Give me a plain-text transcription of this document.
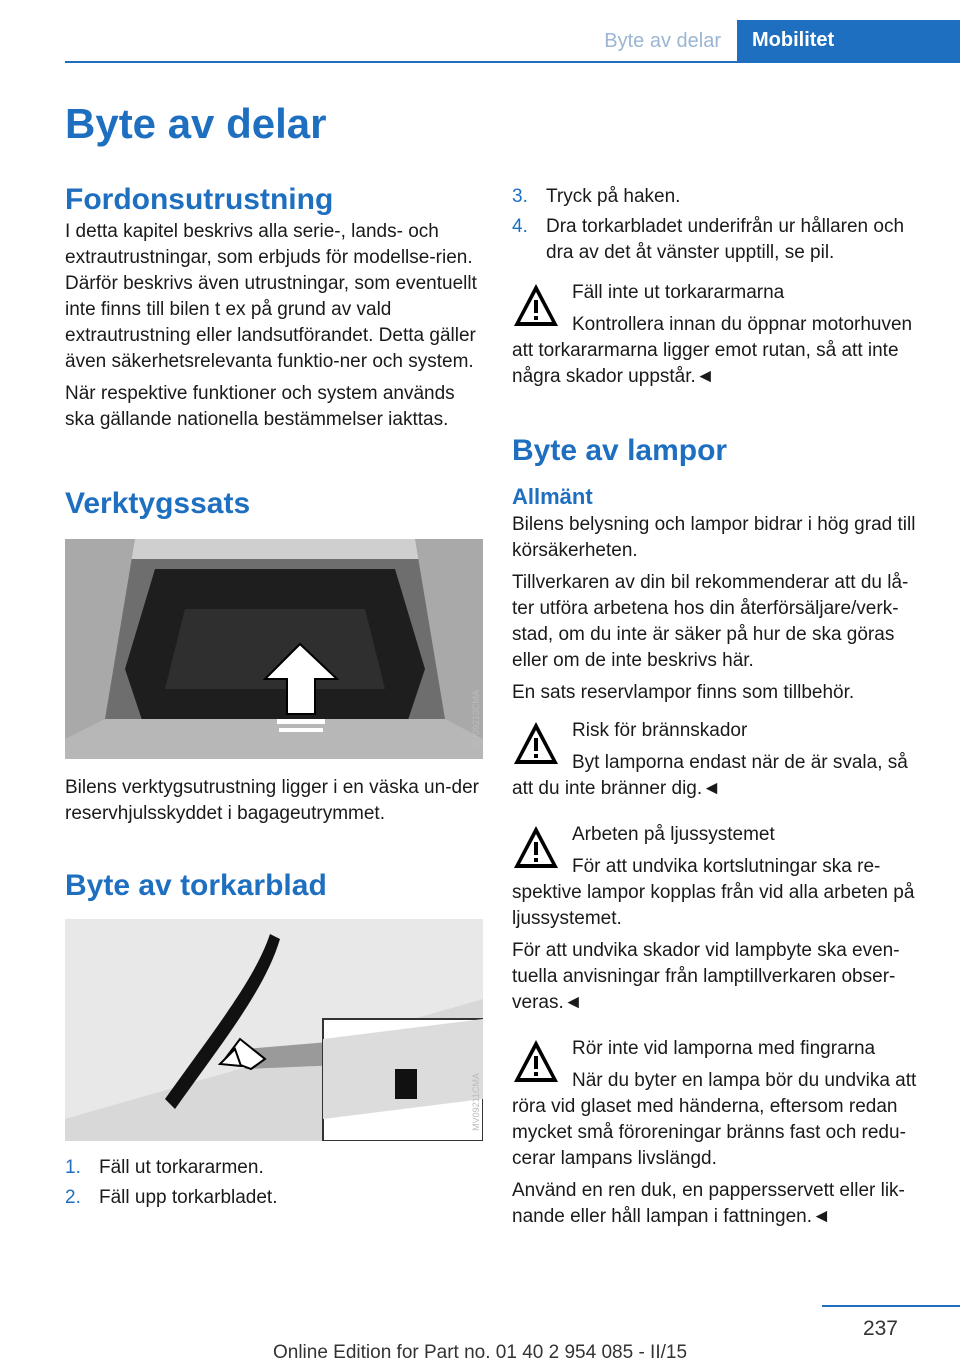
Byte av delar	Mobilitet
Byte av delar
Fordonsutrustning

I detta kapitel beskrivs alla serie-, lands- och extrautrustningar, som erbjuds för modellse-rien. Därför beskrivs även utrustningar, som eventuellt inte finns till bilen t ex på grund av vald extrautrustning eller landsutförandet. Detta gäller även säkerhetsrelevanta funktio-ner och system.

När respektive funktioner och system används ska gällande nationella bestämmelser iakttas.

Verktygssats
MV09210CMA

Bilens verktygsutrustning ligger i en väska un-der reservhjulsskyddet i bagageutrymmet.

Byte av torkarblad
MV09211CMA
1. Fäll ut torkararmen.
2. Fäll upp torkarbladet.
3. Tryck på haken.
4. Dra torkarbladet underifrån ur hållaren och dra av det åt vänster upptill, se pil.

Fäll inte ut torkararmarna

Kontrollera innan du öppnar motorhuven att torkararmarna ligger emot rutan, så att inte några skador uppstår.◄

Byte av lampor
Allmänt

Bilens belysning och lampor bidrar i hög grad till körsäkerheten.

Tillverkaren av din bil rekommenderar att du lå-ter utföra arbetena hos din återförsäljare/verk-stad, om du inte är säker på hur de ska göras eller om de inte beskrivs här.

En sats reservlampor finns som tillbehör.

Risk för brännskador

Byt lamporna endast när de är svala, så att du inte bränner dig.◄

Arbeten på ljussystemet

För att undvika kortslutningar ska re-spektive lampor kopplas från vid alla arbeten på ljussystemet.

För att undvika skador vid lampbyte ska even-tuella anvisningar från lamptillverkaren obser-veras.◄

Rör inte vid lamporna med fingrarna

När du byter en lampa bör du undvika att röra vid glaset med händerna, eftersom redan mycket små föroreningar bränns fast och redu-cerar lampans livslängd.

Använd en ren duk, en pappersservett eller lik-nande eller håll lampan i fattningen.◄

237
Online Edition for Part no. 01 40 2 954 085 - II/15
